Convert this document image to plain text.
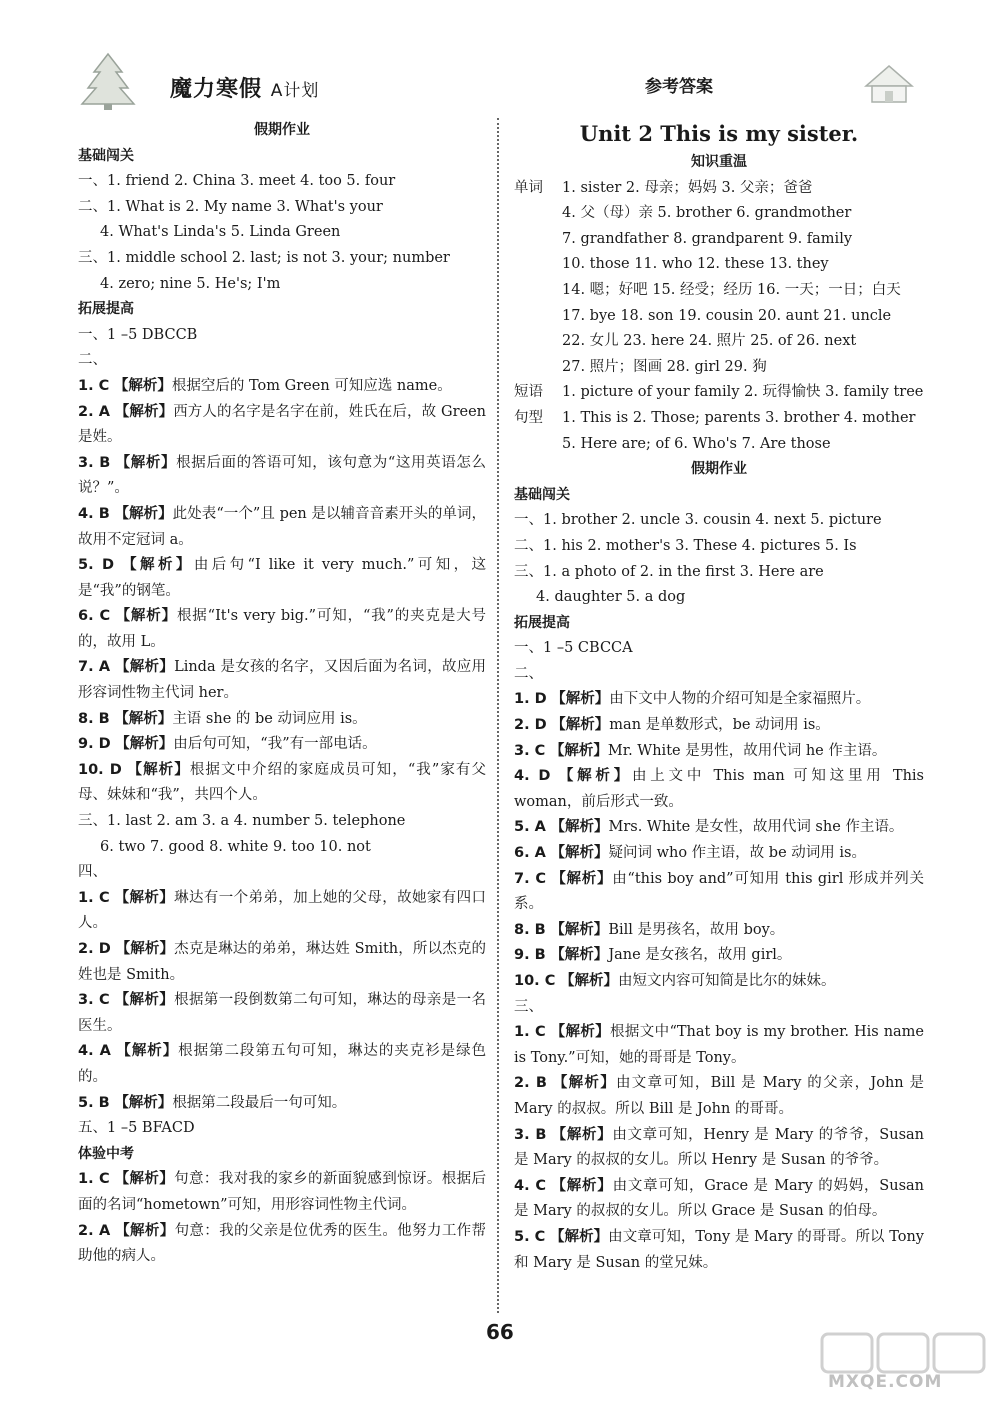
魔力寒假 A计划	参考答案
假期作业
基础闯关
一、1. friend 2. China 3. meet 4. too 5. four
二、1. What is 2. My name 3. What's your
4. What's Linda's 5. Linda Green
三、1. middle school 2. last; is not 3. your; number
4. zero; nine 5. He's; I'm
拓展提高
一、1 –5 DBCCB
二、
1. C 【解析】根据空后的 Tom Green 可知应选 name。
2. A 【解析】西方人的名字是名字在前，姓氏在后，故 Green 是姓。
3. B 【解析】根据后面的答语可知，该句意为“这用英语怎么说？”。
4. B 【解析】此处表“一个”且 pen 是以辅音音素开头的单词，故用不定冠词 a。
5. D 【解析】由后句“I like it very much.”可知，这是“我”的钢笔。
6. C 【解析】根据“It's very big.”可知，“我”的夹克是大号的，故用 L。
7. A 【解析】Linda 是女孩的名字，又因后面为名词，故应用形容词性物主代词 her。
8. B 【解析】主语 she 的 be 动词应用 is。
9. D 【解析】由后句可知，“我”有一部电话。
10. D 【解析】根据文中介绍的家庭成员可知，“我”家有父母、妹妹和“我”，共四个人。
三、1. last 2. am 3. a 4. number 5. telephone
6. two 7. good 8. white 9. too 10. not
四、
1. C 【解析】琳达有一个弟弟，加上她的父母，故她家有四口人。
2. D 【解析】杰克是琳达的弟弟，琳达姓 Smith，所以杰克的姓也是 Smith。
3. C 【解析】根据第一段倒数第二句可知，琳达的母亲是一名医生。
4. A 【解析】根据第二段第五句可知，琳达的夹克衫是绿色的。
5. B 【解析】根据第二段最后一句可知。
五、1 –5 BFACD
体验中考
1. C 【解析】句意：我对我的家乡的新面貌感到惊讶。根据后面的名词“hometown”可知，用形容词性物主代词。
2. A 【解析】句意：我的父亲是位优秀的医生。他努力工作帮助他的病人。
Unit 2 This is my sister.
知识重温
单词	1. sister 2. 母亲；妈妈 3. 父亲；爸爸
4. 父（母）亲 5. brother 6. grandmother
7. grandfather 8. grandparent 9. family
10. those 11. who 12. these 13. they
14. 嗯；好吧 15. 经受；经历 16. 一天；一日；白天
17. bye 18. son 19. cousin 20. aunt 21. uncle
22. 女儿 23. here 24. 照片 25. of 26. next
27. 照片；图画 28. girl 29. 狗
短语	1. picture of your family 2. 玩得愉快 3. family tree
句型	1. This is 2. Those; parents 3. brother 4. mother
5. Here are; of 6. Who's 7. Are those
假期作业
基础闯关
一、1. brother 2. uncle 3. cousin 4. next 5. picture
二、1. his 2. mother's 3. These 4. pictures 5. Is
三、1. a photo of 2. in the first 3. Here are
4. daughter 5. a dog
拓展提高
一、1 –5 CBCCA
二、
1. D 【解析】由下文中人物的介绍可知是全家福照片。
2. D 【解析】man 是单数形式，be 动词用 is。
3. C 【解析】Mr. White 是男性，故用代词 he 作主语。
4. D 【解析】由上文中 This man 可知这里用 This woman，前后形式一致。
5. A 【解析】Mrs. White 是女性，故用代词 she 作主语。
6. A 【解析】疑问词 who 作主语，故 be 动词用 is。
7. C 【解析】由“this boy and”可知用 this girl 形成并列关系。
8. B 【解析】Bill 是男孩名，故用 boy。
9. B 【解析】Jane 是女孩名，故用 girl。
10. C 【解析】由短文内容可知简是比尔的妹妹。
三、
1. C 【解析】根据文中“That boy is my brother. His name is Tony.”可知，她的哥哥是 Tony。
2. B 【解析】由文章可知，Bill 是 Mary 的父亲，John 是 Mary 的叔叔。所以 Bill 是 John 的哥哥。
3. B 【解析】由文章可知，Henry 是 Mary 的爷爷，Susan 是 Mary 的叔叔的女儿。所以 Henry 是 Susan 的爷爷。
4. C 【解析】由文章可知，Grace 是 Mary 的妈妈，Susan 是 Mary 的叔叔的女儿。所以 Grace 是 Susan 的伯母。
5. C 【解析】由文章可知，Tony 是 Mary 的哥哥。所以 Tony 和 Mary 是 Susan 的堂兄妹。
66
MXQE.COM
